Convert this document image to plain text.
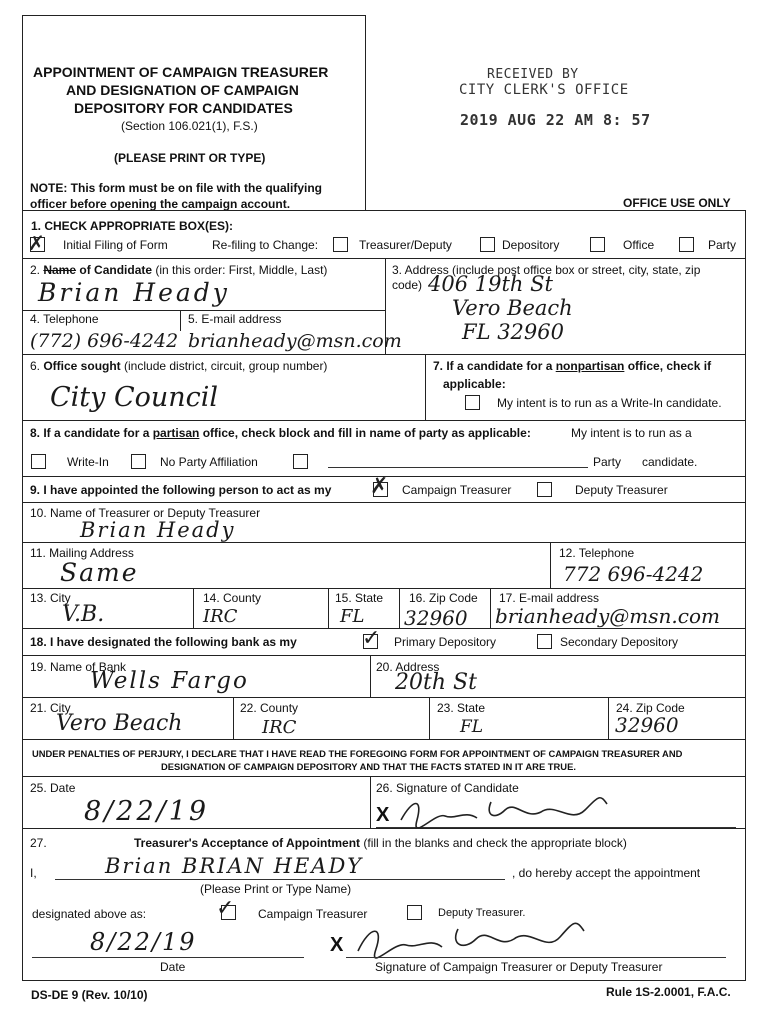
APPOINTMENT OF CAMPAIGN TREASURER
AND DESIGNATION OF CAMPAIGN
DEPOSITORY FOR CANDIDATES
(Section 106.021(1), F.S.)
(PLEASE PRINT OR TYPE)
NOTE: This form must be on file with the qualifying
officer before opening the campaign account.	OFFICE USE ONLY
RECEIVED BY
CITY CLERK'S OFFICE
2019 AUG 22 AM 8: 57
1. CHECK APPROPRIATE BOX(ES):
✗ Initial Filing of Form	Re-filing to Change:	Treasurer/Deputy	Depository	Office	Party
2. Name of Candidate (in this order: First, Middle, Last)
Brian Heady
3. Address (include post office box or street, city, state, zip
code) 406 19th St
Vero Beach
FL 32960
4. Telephone	5. E-mail address
(772) 696-4242 brianheady@msn.com
6. Office sought (include district, circuit, group number)
City Council
7. If a candidate for a nonpartisan office, check if
applicable:
My intent is to run as a Write-In candidate.
8. If a candidate for a partisan office, check block and fill in name of party as applicable:	My intent is to run as a
Write-In	No Party Affiliation	Party candidate.
9. I have appointed the following person to act as my ✗ Campaign Treasurer	Deputy Treasurer
10. Name of Treasurer or Deputy Treasurer
Brian Heady
11. Mailing Address
Same
12. Telephone
772 696-4242
13. City
V.B.
14. County
IRC
15. State
FL
16. Zip Code
32960
17. E-mail address
brianheady@msn.com
18. I have designated the following bank as my	✓ Primary Depository	Secondary Depository
19. Name of Bank
Wells Fargo
20. Address
20th St
21. City
Vero Beach
22. County
IRC
23. State
FL
24. Zip Code
32960
UNDER PENALTIES OF PERJURY, I DECLARE THAT I HAVE READ THE FOREGOING FORM FOR APPOINTMENT OF CAMPAIGN TREASURER AND
DESIGNATION OF CAMPAIGN DEPOSITORY AND THAT THE FACTS STATED IN IT ARE TRUE.
25. Date
8/22/19
26. Signature of Candidate
X
27.	Treasurer's Acceptance of Appointment (fill in the blanks and check the appropriate block)
I,	Brian BRIAN HEADY	, do hereby accept the appointment
(Please Print or Type Name)
designated above as:	✓ Campaign Treasurer	Deputy Treasurer.
8/22/19
Date
X
Signature of Campaign Treasurer or Deputy Treasurer
DS-DE 9 (Rev. 10/10)	Rule 1S-2.0001, F.A.C.
